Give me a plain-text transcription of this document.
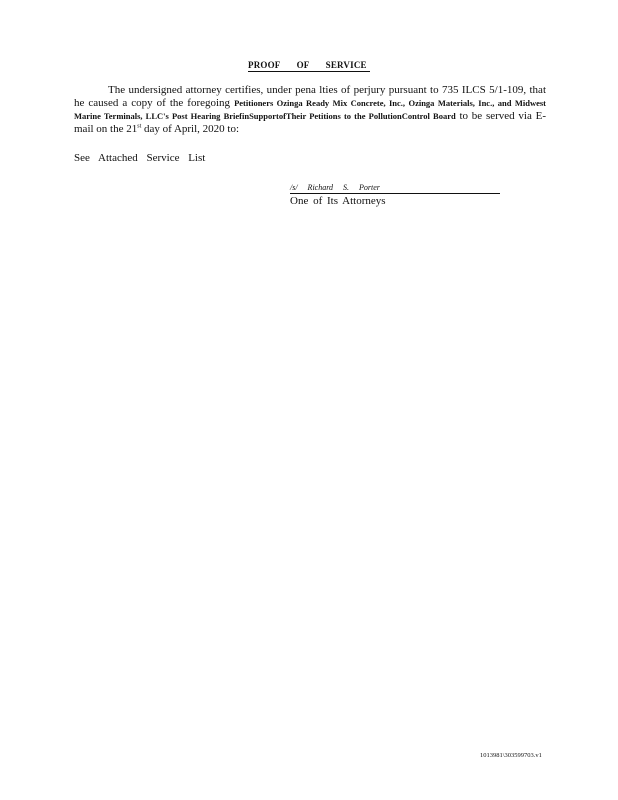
PROOF OF SERVICE
The undersigned attorney certifies, under pena lties of perjury pursuant to 735 ILCS 5/1-109, that he caused a copy of the foregoing Petitioners Ozinga Ready Mix Concrete, Inc., Ozinga Materials, Inc., and Midwest Marine Terminals, LLC's Post Hearing BriefinSupportofTheir Petitions to the PollutionControl Board to be served via E-mail on the 21st day of April, 2020 to:
See Attached Service List
/s/ Richard S. Porter
One of Its Attorneys
1013981\303599703.v1
